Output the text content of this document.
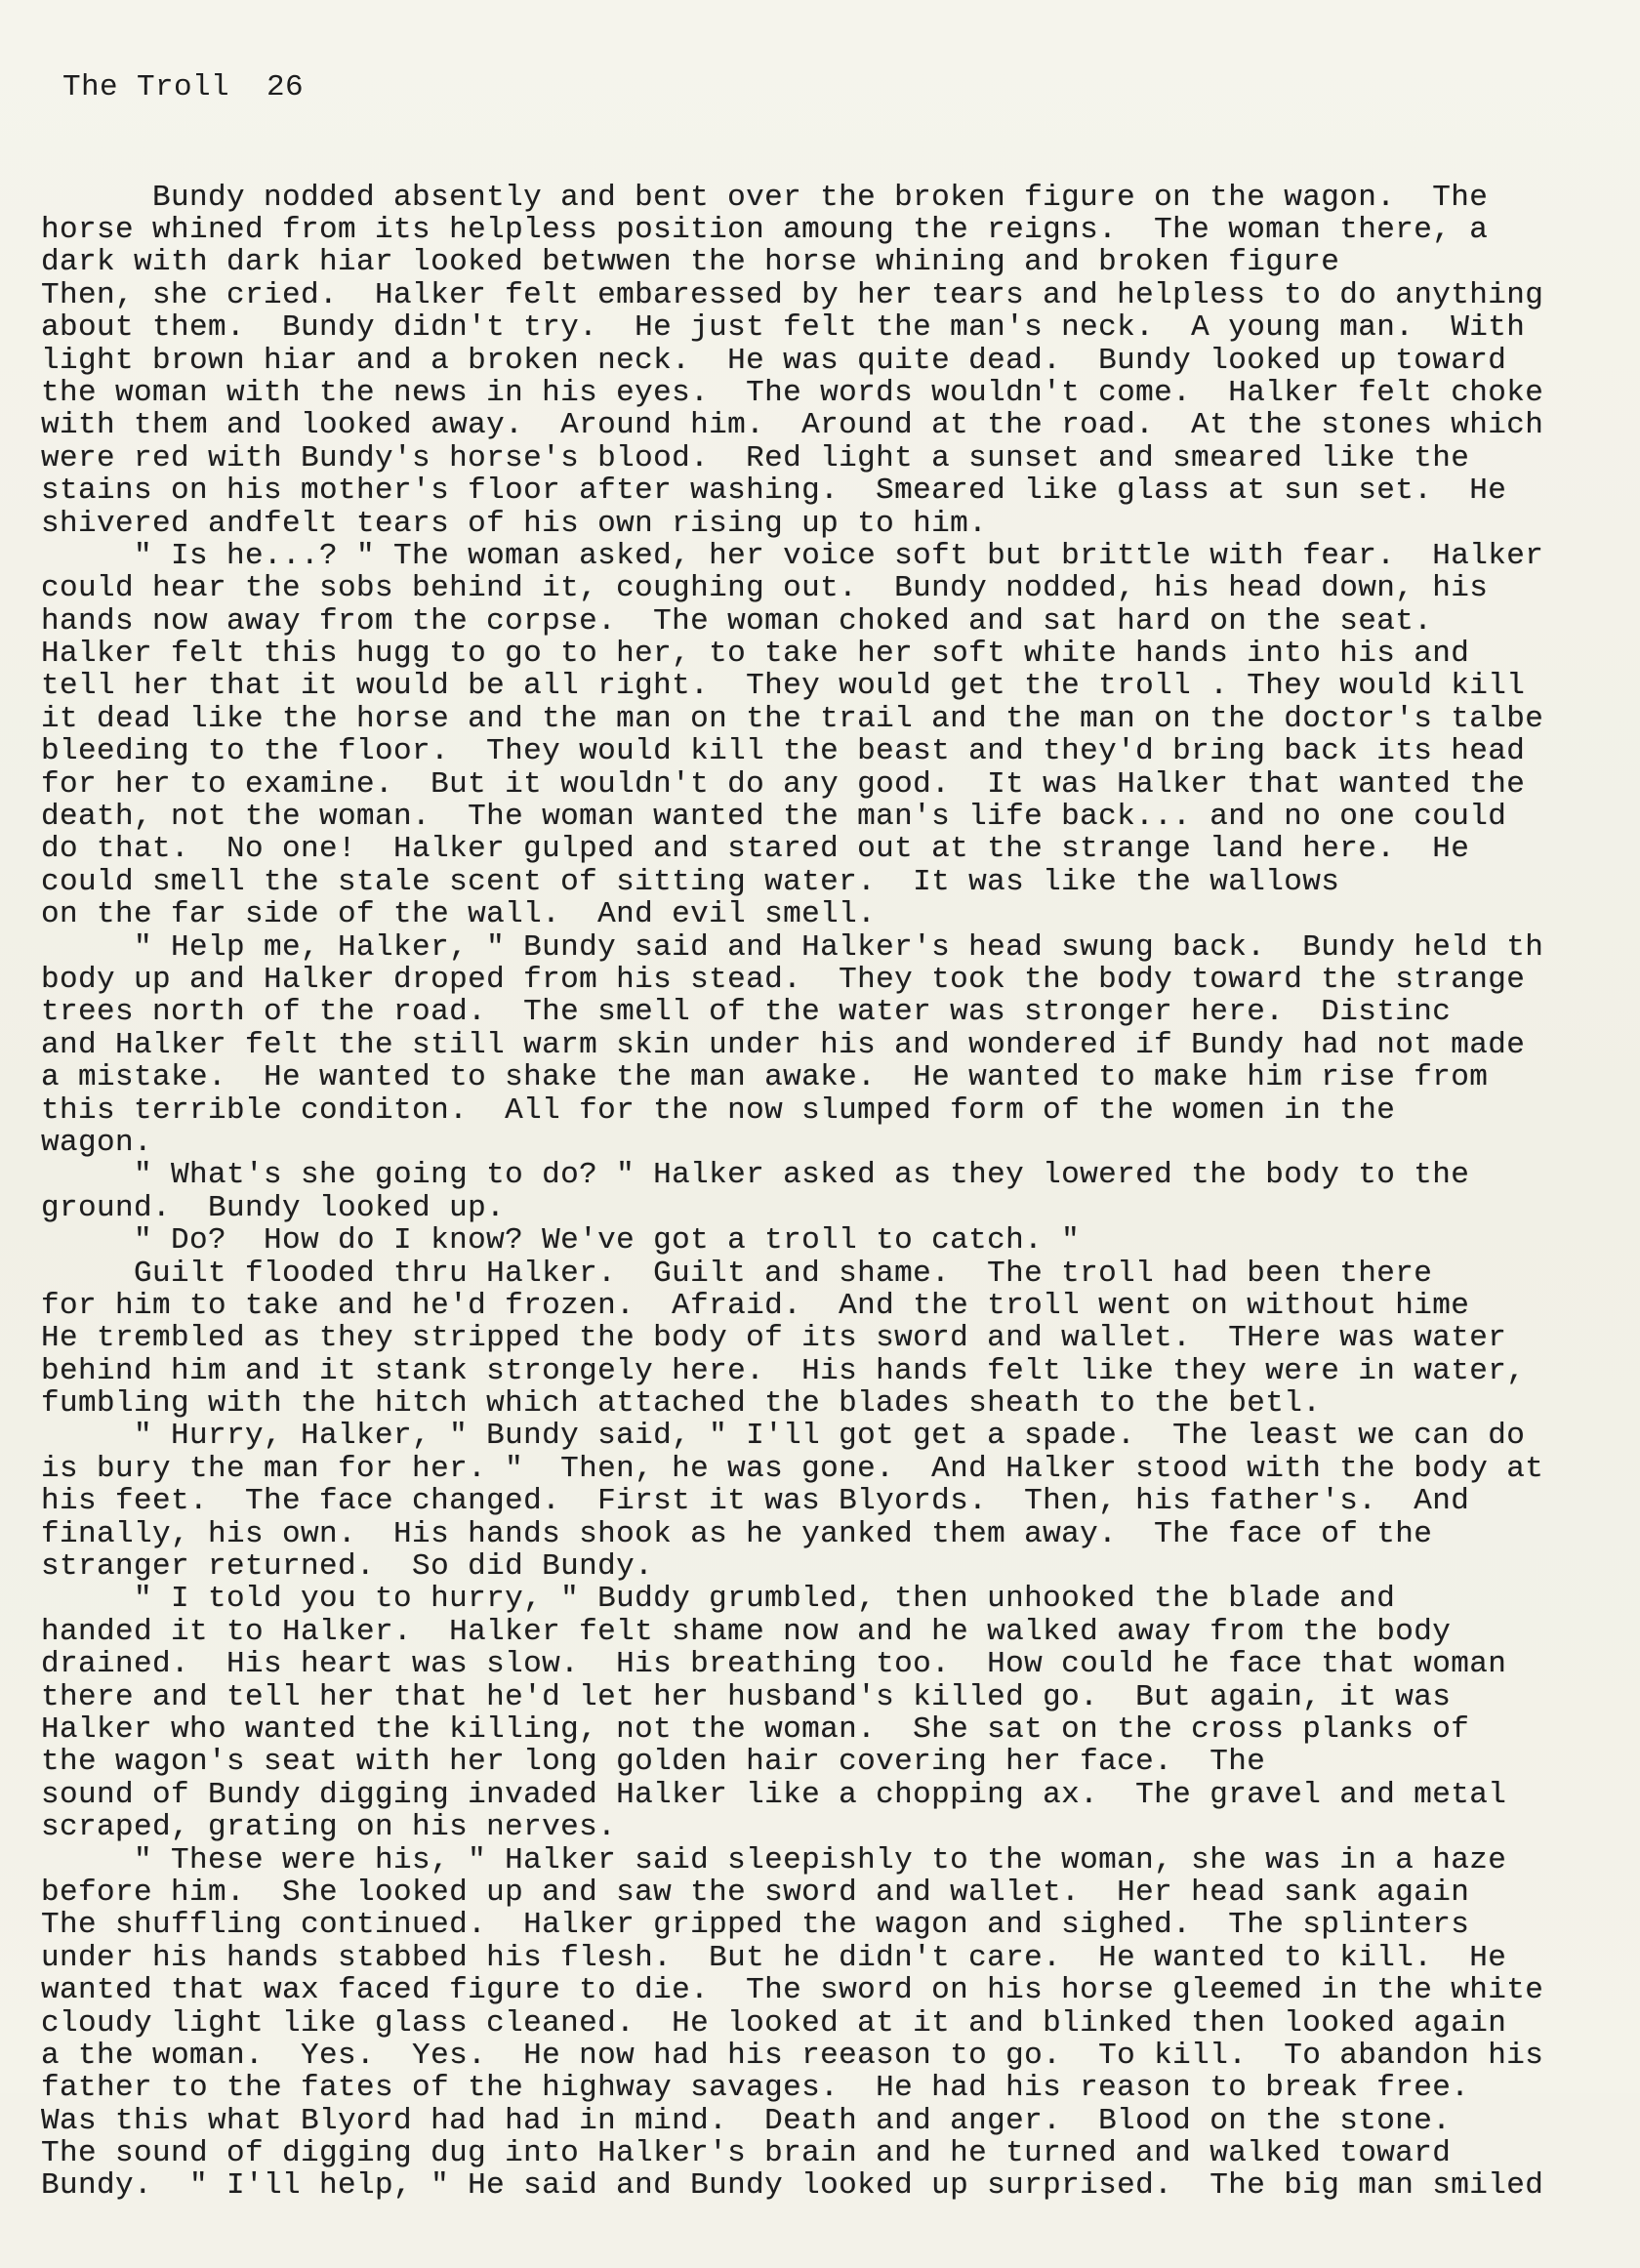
The Troll 26

Bundy nodded absently and bent over the broken figure on the wagon.  The
horse whined from its helpless position amoung the reigns.  The woman there, a
dark with dark hiar looked betwwen the horse whining and broken figure
Then, she cried.  Halker felt embaressed by her tears and helpless to do anything
about them.  Bundy didn't try.  He just felt the man's neck.  A young man.  With
light brown hiar and a broken neck.  He was quite dead.  Bundy looked up toward
the woman with the news in his eyes.  The words wouldn't come.  Halker felt choke
with them and looked away.  Around him.  Around at the road.  At the stones which
were red with Bundy's horse's blood.  Red light a sunset and smeared like the
stains on his mother's floor after washing.  Smeared like glass at sun set.  He
shivered andfelt tears of his own rising up to him.
" Is he...? " The woman asked, her voice soft but brittle with fear.  Halker
could hear the sobs behind it, coughing out.  Bundy nodded, his head down, his
hands now away from the corpse.  The woman choked and sat hard on the seat.
Halker felt this hugg to go to her, to take her soft white hands into his and
tell her that it would be all right.  They would get the troll . They would kill
it dead like the horse and the man on the trail and the man on the doctor's talbe
bleeding to the floor.  They would kill the beast and they'd bring back its head
for her to examine.  But it wouldn't do any good.  It was Halker that wanted the
death, not the woman.  The woman wanted the man's life back... and no one could
do that.  No one!  Halker gulped and stared out at the strange land here.  He
could smell the stale scent of sitting water.  It was like the wallows
on the far side of the wall.  And evil smell.
" Help me, Halker, " Bundy said and Halker's head swung back.  Bundy held th
body up and Halker droped from his stead.  They took the body toward the strange
trees north of the road.  The smell of the water was stronger here.  Distinc
and Halker felt the still warm skin under his and wondered if Bundy had not made
a mistake.  He wanted to shake the man awake.  He wanted to make him rise from
this terrible conditon.  All for the now slumped form of the women in the
wagon.
" What's she going to do? " Halker asked as they lowered the body to the
ground.  Bundy looked up.
" Do?  How do I know? We've got a troll to catch. "
Guilt flooded thru Halker.  Guilt and shame.  The troll had been there
for him to take and he'd frozen.  Afraid.  And the troll went on without hime
He trembled as they stripped the body of its sword and wallet.  THere was water
behind him and it stank strongely here.  His hands felt like they were in water,
fumbling with the hitch which attached the blades sheath to the betl.
" Hurry, Halker, " Bundy said, " I'll got get a spade.  The least we can do
is bury the man for her. "  Then, he was gone.  And Halker stood with the body at
his feet.  The face changed.  First it was Blyords.  Then, his father's.  And
finally, his own.  His hands shook as he yanked them away.  The face of the
stranger returned.  So did Bundy.
" I told you to hurry, " Buddy grumbled, then unhooked the blade and
handed it to Halker.  Halker felt shame now and he walked away from the body
drained.  His heart was slow.  His breathing too.  How could he face that woman
there and tell her that he'd let her husband's killed go.  But again, it was
Halker who wanted the killing, not the woman.  She sat on the cross planks of
the wagon's seat with her long golden hair covering her face.  The
sound of Bundy digging invaded Halker like a chopping ax.  The gravel and metal
scraped, grating on his nerves.
" These were his, " Halker said sleepishly to the woman, she was in a haze
before him.  She looked up and saw the sword and wallet.  Her head sank again
The shuffling continued.  Halker gripped the wagon and sighed.  The splinters
under his hands stabbed his flesh.  But he didn't care.  He wanted to kill.  He
wanted that wax faced figure to die.  The sword on his horse gleemed in the white
cloudy light like glass cleaned.  He looked at it and blinked then looked again
a the woman.  Yes.  Yes.  He now had his reeason to go.  To kill.  To abandon his
father to the fates of the highway savages.  He had his reason to break free.
Was this what Blyord had had in mind.  Death and anger.  Blood on the stone.
The sound of digging dug into Halker's brain and he turned and walked toward
Bundy.  " I'll help, " He said and Bundy looked up surprised.  The big man smiled
